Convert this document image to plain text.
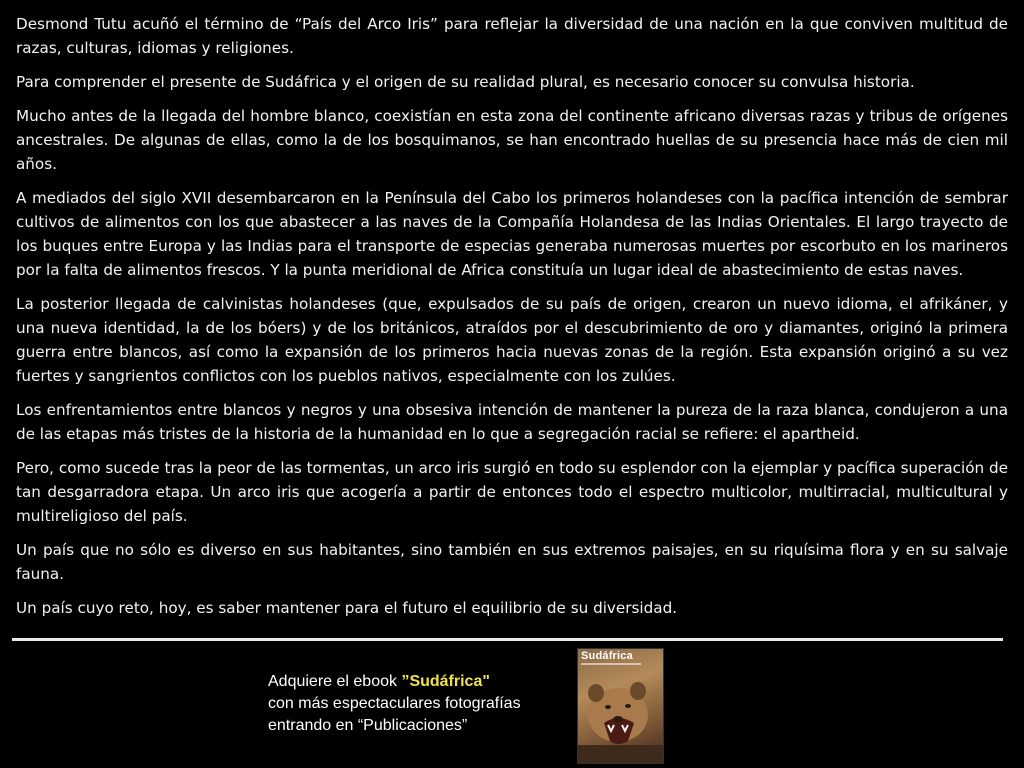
Desmond Tutu acuñó el término de “País del Arco Iris” para reflejar la diversidad de una nación en la que conviven multitud de razas, culturas, idiomas y religiones.

Para comprender el presente de Sudáfrica y el origen de su realidad plural, es necesario conocer su convulsa historia.

Mucho antes de la llegada del hombre blanco, coexistían en esta zona del continente africano diversas razas y tribus de orígenes ancestrales. De algunas de ellas, como la de los bosquimanos, se han encontrado huellas de su presencia hace más de cien mil años.

A mediados del siglo XVII desembarcaron en la Península del Cabo los primeros holandeses con la pacífica intención de sembrar cultivos de alimentos con los que abastecer a las naves de la Compañía Holandesa de las Indias Orientales. El largo trayecto de los buques entre Europa y las Indias para el transporte de especias generaba numerosas muertes por escorbuto en los marineros por la falta de alimentos frescos. Y la punta meridional de Africa constituía un lugar ideal de abastecimiento de estas naves.

La posterior llegada de calvinistas holandeses (que, expulsados de su país de origen, crearon un nuevo idioma, el afrikáner, y una nueva identidad, la de los bóers) y de los británicos, atraídos por el descubrimiento de oro y diamantes, originó la primera guerra entre blancos, así como la expansión de los primeros hacia nuevas zonas de la región. Esta expansión originó a su vez fuertes y sangrientos conflictos con los pueblos nativos, especialmente con los zulúes.

Los enfrentamientos entre blancos y negros y una obsesiva intención de mantener la pureza de la raza blanca, condujeron a una de las etapas más tristes de la historia de la humanidad en lo que a segregación racial se refiere: el apartheid.

Pero, como sucede tras la peor de las tormentas, un arco iris surgió en todo su esplendor con la ejemplar y pacífica superación de tan desgarradora etapa. Un arco iris que acogería a partir de entonces todo el espectro multicolor, multirracial, multicultural y multireligioso del país.

Un país que no sólo es diverso en sus habitantes, sino también en sus extremos paisajes, en su riquísima flora y en su salvaje fauna.

Un país cuyo reto, hoy, es saber mantener para el futuro el equilibrio de su diversidad.

Adquiere el ebook ”Sudáfrica"
con más espectaculares fotografías
entrando en “Publicaciones”
Sudáfrica
